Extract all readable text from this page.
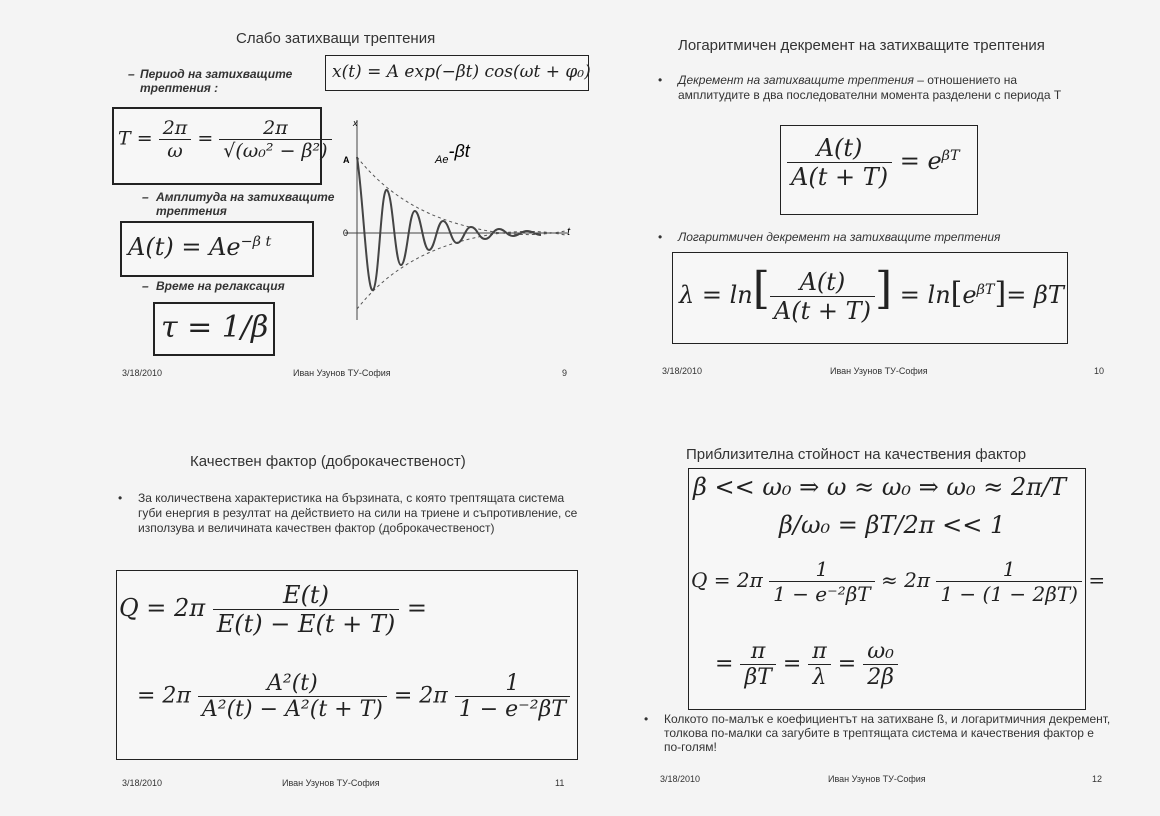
Слабо затихващи трептения
– Период на затихващите трептения :
x(t) = A exp(−βt) cos(ωt + φ₀)
$T = \frac{2\pi}{\omega} = \frac{2\pi}{\text{√(ω₀² − β²)}}$
– Амплитуда на затихващите трептения
$A(t) = Ae^{-\beta t}$
– Време на релаксация
τ = 1/β
x
A
0	t
Ae-βt
3/18/2010	Иван Узунов ТУ-София	9
Логаритмичен декремент на затихващите трептения
• Декремент на затихващите трептения – отношението на амплитудите в два последователни момента разделени с периода T
$\frac{A(t)}{A(t + T)} = e^{\beta T}$
• Логаритмичен декремент на затихващите трептения
$\lambda = \ln[ \frac{A(t)}{A(t + T)}$ ] = $\ln[e^{\beta T}]= \beta T$
3/18/2010	Иван Узунов ТУ-София	10
Качествен фактор (доброкачественост)
• За количествена характеристика на бързината, с която трептящата система губи енергия в резултат на действието на сили на триене и съпротивление, се използува и величината качествен фактор (доброкачественост)
$Q = 2\pi \frac{E(t)}{E(t) - E(t + T)}$ =
= $2\pi \frac{\text{A²(t)}}{\text{A²(t) − A²(t + T)}} = 2\pi \frac{1}{\text{1 − e⁻²βT}}$
3/18/2010	Иван Узунов ТУ-София	11
Приблизителна стойност на качествения фактор
β << ω₀ ⇒ ω ≈ ω₀ ⇒ ω₀ ≈ 2π/T
β/ω₀ = βT/2π << 1
$Q = 2\pi \frac{1}{\text{1 − e⁻²βT}} \approx 2\pi \frac{1}{1 - (1 - 2\beta T)}$ =
= $\frac{\pi}{\beta T} = \frac{\pi}{\lambda} = \frac{\text{ω₀}}{2\beta}$
• Колкото по-малък е коефициентът на затихване ß, и логаритмичния декремент, толкова по-малки са загубите в трептящата система и качествения фактор е по-голям!
3/18/2010	Иван Узунов ТУ-София	12
